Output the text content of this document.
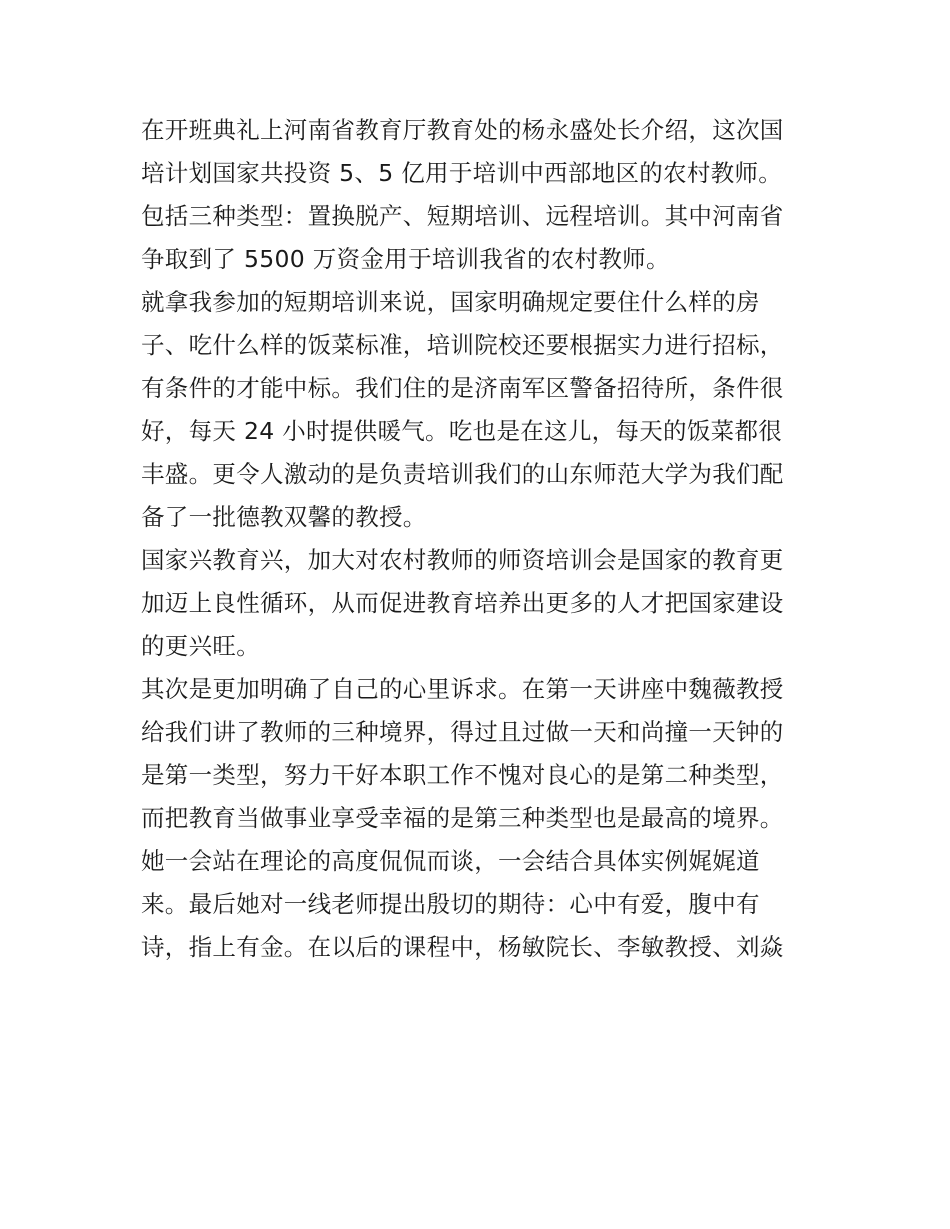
在开班典礼上河南省教育厅教育处的杨永盛处长介绍，这次国
培计划国家共投资 5、5 亿用于培训中西部地区的农村教师。
包括三种类型：置换脱产、短期培训、远程培训。其中河南省
争取到了 5500 万资金用于培训我省的农村教师。
就拿我参加的短期培训来说，国家明确规定要住什么样的房
子、吃什么样的饭菜标准，培训院校还要根据实力进行招标，
有条件的才能中标。我们住的是济南军区警备招待所，条件很
好，每天 24 小时提供暖气。吃也是在这儿，每天的饭菜都很
丰盛。更令人激动的是负责培训我们的山东师范大学为我们配
备了一批德教双馨的教授。
国家兴教育兴，加大对农村教师的师资培训会是国家的教育更
加迈上良性循环，从而促进教育培养出更多的人才把国家建设
的更兴旺。
其次是更加明确了自己的心里诉求。在第一天讲座中魏薇教授
给我们讲了教师的三种境界，得过且过做一天和尚撞一天钟的
是第一类型，努力干好本职工作不愧对良心的是第二种类型，
而把教育当做事业享受幸福的是第三种类型也是最高的境界。
她一会站在理论的高度侃侃而谈，一会结合具体实例娓娓道
来。最后她对一线老师提出殷切的期待：心中有爱，腹中有
诗，指上有金。在以后的课程中，杨敏院长、李敏教授、刘焱
